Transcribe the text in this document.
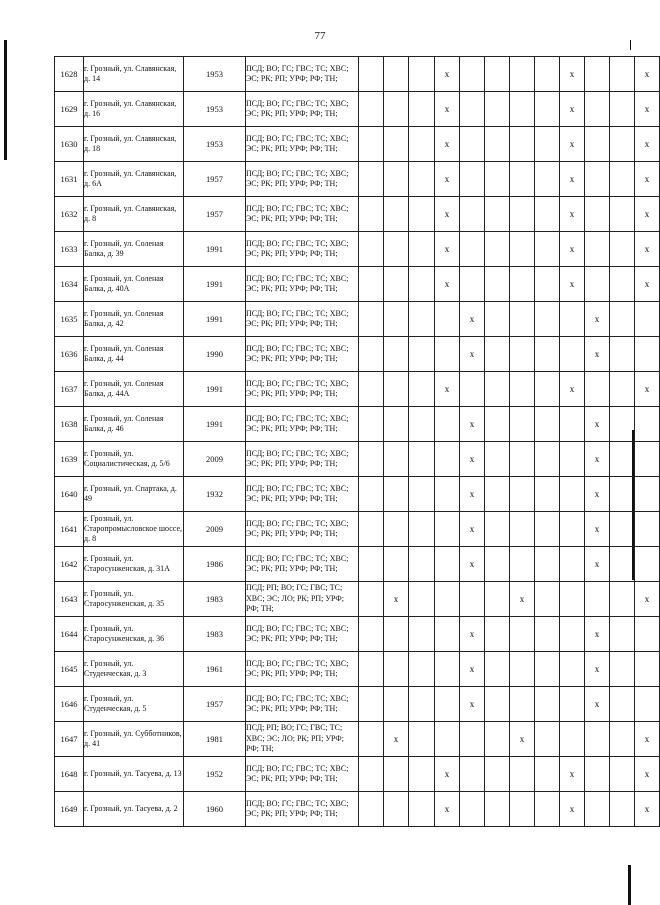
77
1628	г. Грозный, ул. Славянская, д. 14	1953	ПСД; ВО; ГС; ГВС; ТС; ХВС; ЭС; РК; РП; УРФ; РФ; ТН;				x					x			x
1629	г. Грозный, ул. Славянская, д. 16	1953	ПСД; ВО; ГС; ГВС; ТС; ХВС; ЭС; РК; РП; УРФ; РФ; ТН;				x					x			x
1630	г. Грозный, ул. Славянская, д. 18	1953	ПСД; ВО; ГС; ГВС; ТС; ХВС; ЭС; РК; РП; УРФ; РФ; ТН;				x					x			x
1631	г. Грозный, ул. Славянская, д. 6А	1957	ПСД; ВО; ГС; ГВС; ТС; ХВС; ЭС; РК; РП; УРФ; РФ; ТН;				x					x			x
1632	г. Грозный, ул. Славянская, д. 8	1957	ПСД; ВО; ГС; ГВС; ТС; ХВС; ЭС; РК; РП; УРФ; РФ; ТН;				x					x			x
1633	г. Грозный, ул. Соленая Балка, д. 39	1991	ПСД; ВО; ГС; ГВС; ТС; ХВС; ЭС; РК; РП; УРФ; РФ; ТН;				x					x			x
1634	г. Грозный, ул. Соленая Балка, д. 40А	1991	ПСД; ВО; ГС; ГВС; ТС; ХВС; ЭС; РК; РП; УРФ; РФ; ТН;				x					x			x
1635	г. Грозный, ул. Соленая Балка, д. 42	1991	ПСД; ВО; ГС; ГВС; ТС; ХВС; ЭС; РК; РП; УРФ; РФ; ТН;					x					x		
1636	г. Грозный, ул. Соленая Балка, д. 44	1990	ПСД; ВО; ГС; ГВС; ТС; ХВС; ЭС; РК; РП; УРФ; РФ; ТН;					x					x		
1637	г. Грозный, ул. Соленая Балка, д. 44А	1991	ПСД; ВО; ГС; ГВС; ТС; ХВС; ЭС; РК; РП; УРФ; РФ; ТН;				x					x			x
1638	г. Грозный, ул. Соленая Балка, д. 46	1991	ПСД; ВО; ГС; ГВС; ТС; ХВС; ЭС; РК; РП; УРФ; РФ; ТН;					x					x		
1639	г. Грозный, ул. Социалистическая, д. 5/6	2009	ПСД; ВО; ГС; ГВС; ТС; ХВС; ЭС; РК; РП; УРФ; РФ; ТН;					x					x		
1640	г. Грозный, ул. Спартака, д. 49	1932	ПСД; ВО; ГС; ГВС; ТС; ХВС; ЭС; РК; РП; УРФ; РФ; ТН;					x					x		
1641	г. Грозный, ул. Старопромысловское шоссе, д. 8	2009	ПСД; ВО; ГС; ГВС; ТС; ХВС; ЭС; РК; РП; УРФ; РФ; ТН;					x					x		
1642	г. Грозный, ул. Старосунженская, д. 31А	1986	ПСД; ВО; ГС; ГВС; ТС; ХВС; ЭС; РК; РП; УРФ; РФ; ТН;					x					x		
1643	г. Грозный, ул. Старосунженская, д. 35	1983	ПСД; РП; ВО; ГС; ГВС; ТС; ХВС; ЭС; ЛО; РК; РП; УРФ; РФ; ТН;		x					x					x
1644	г. Грозный, ул. Старосунженская, д. 36	1983	ПСД; ВО; ГС; ГВС; ТС; ХВС; ЭС; РК; РП; УРФ; РФ; ТН;					x					x		
1645	г. Грозный, ул. Студенческая, д. 3	1961	ПСД; ВО; ГС; ГВС; ТС; ХВС; ЭС; РК; РП; УРФ; РФ; ТН;					x					x		
1646	г. Грозный, ул. Студенческая, д. 5	1957	ПСД; ВО; ГС; ГВС; ТС; ХВС; ЭС; РК; РП; УРФ; РФ; ТН;					x					x		
1647	г. Грозный, ул. Субботников, д. 41	1981	ПСД; РП; ВО; ГС; ГВС; ТС; ХВС; ЭС; ЛО; РК; РП; УРФ; РФ; ТН;		x					x					x
1648	г. Грозный, ул. Тасуева, д. 13	1952	ПСД; ВО; ГС; ГВС; ТС; ХВС; ЭС; РК; РП; УРФ; РФ; ТН;				x					x			x
1649	г. Грозный, ул. Тасуева, д. 2	1960	ПСД; ВО; ГС; ГВС; ТС; ХВС; ЭС; РК; РП; УРФ; РФ; ТН;				x					x			x
